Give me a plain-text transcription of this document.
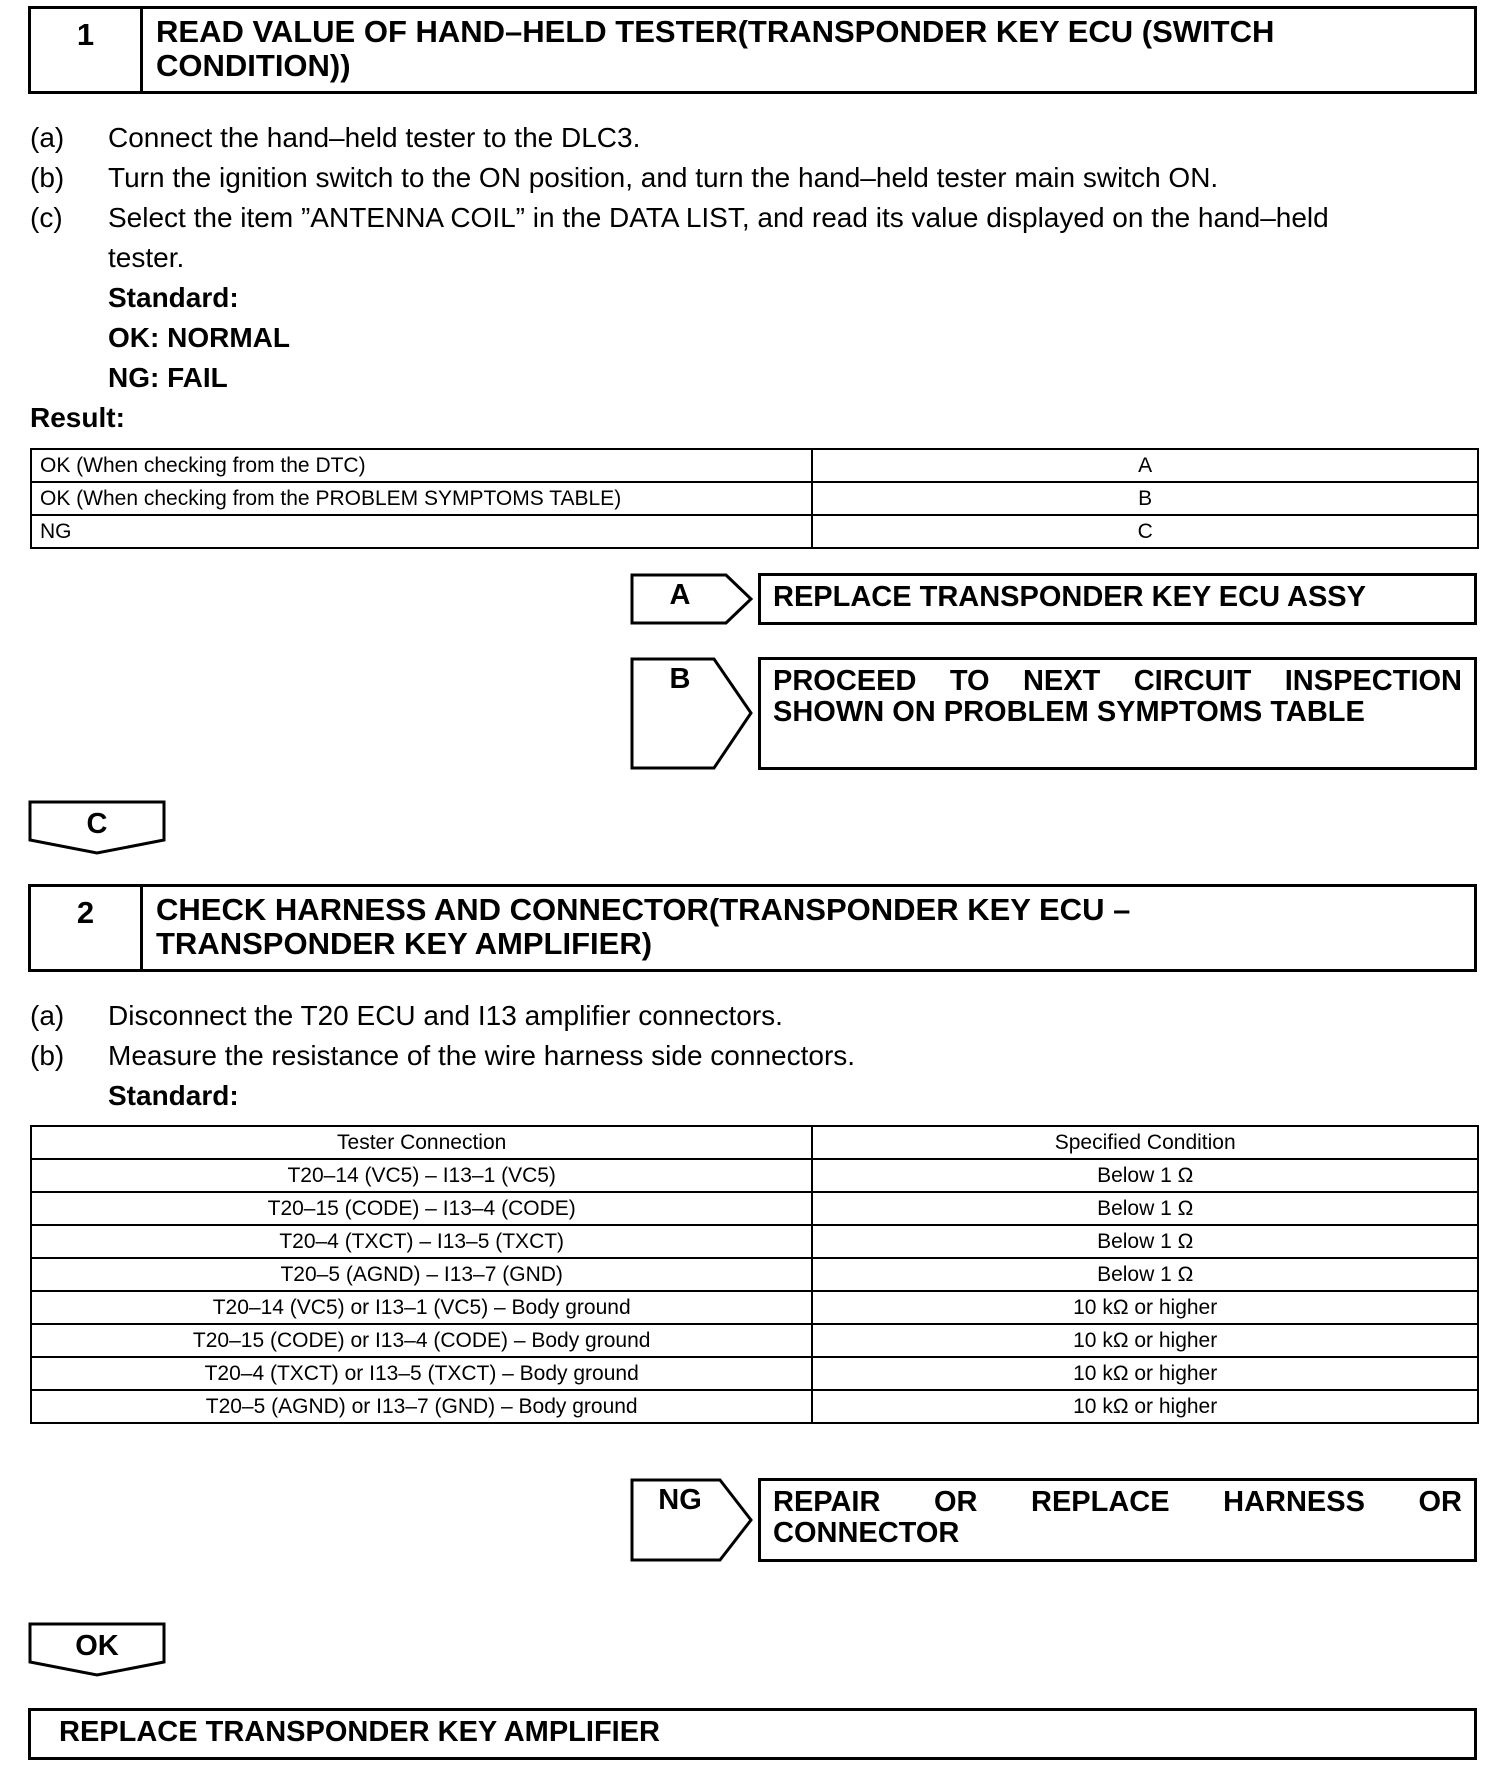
1	READ VALUE OF HAND–HELD TESTER(TRANSPONDER KEY ECU (SWITCH
CONDITION))
(a) Connect the hand–held tester to the DLC3.
(b) Turn the ignition switch to the ON position, and turn the hand–held tester main switch ON.
(c) Select the item ”ANTENNA COIL” in the DATA LIST, and read its value displayed on the hand–held
tester.
Standard:
OK: NORMAL
NG: FAIL
Result:
OK (When checking from the DTC)	A
OK (When checking from the PROBLEM SYMPTOMS TABLE)	B
NG	C
A	REPLACE TRANSPONDER KEY ECU ASSY
B	PROCEED TO NEXT CIRCUIT INSPECTION
SHOWN ON PROBLEM SYMPTOMS TABLE
C
2	CHECK HARNESS AND CONNECTOR(TRANSPONDER KEY ECU –
TRANSPONDER KEY AMPLIFIER)
(a) Disconnect the T20 ECU and I13 amplifier connectors.
(b) Measure the resistance of the wire harness side connectors.
Standard:
Tester Connection	Specified Condition
T20–14 (VC5) – I13–1 (VC5)	Below 1 Ω
T20–15 (CODE) – I13–4 (CODE)	Below 1 Ω
T20–4 (TXCT) – I13–5 (TXCT)	Below 1 Ω
T20–5 (AGND) – I13–7 (GND)	Below 1 Ω
T20–14 (VC5) or I13–1 (VC5) – Body ground	10 kΩ or higher
T20–15 (CODE) or I13–4 (CODE) – Body ground	10 kΩ or higher
T20–4 (TXCT) or I13–5 (TXCT) – Body ground	10 kΩ or higher
T20–5 (AGND) or I13–7 (GND) – Body ground	10 kΩ or higher
NG	REPAIR OR REPLACE HARNESS OR
CONNECTOR
OK
REPLACE TRANSPONDER KEY AMPLIFIER
